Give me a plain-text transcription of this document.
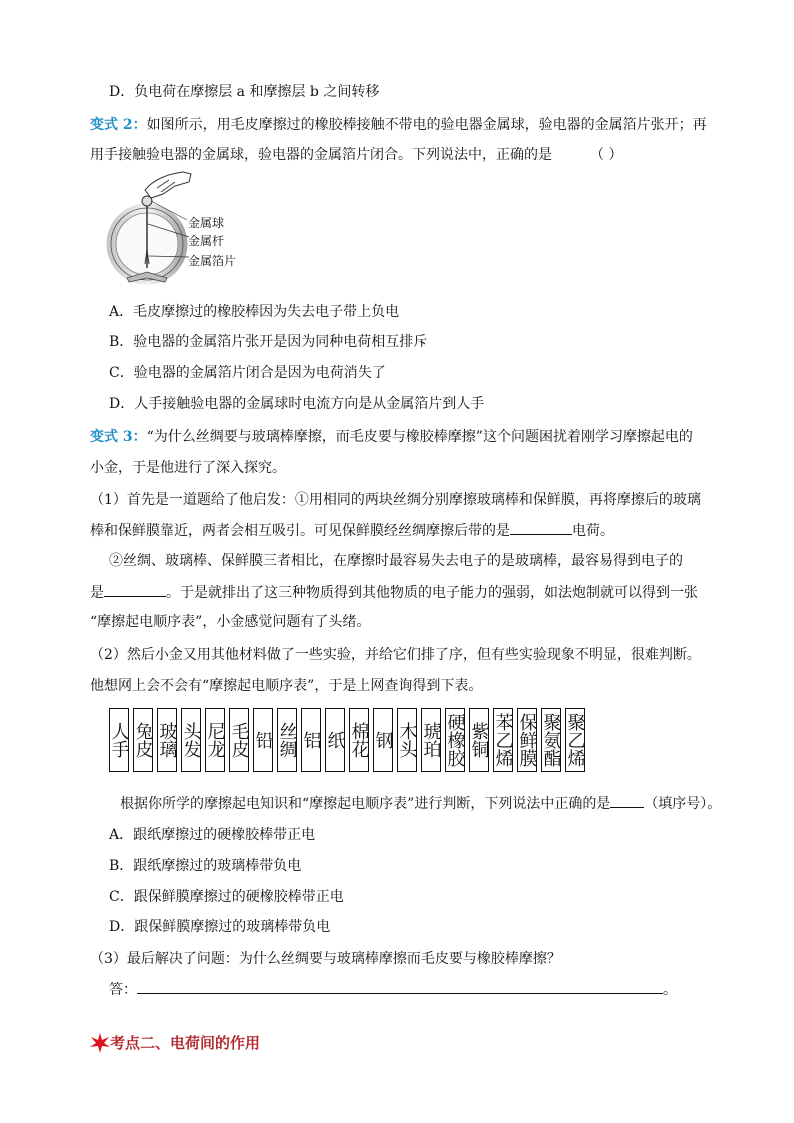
D．负电荷在摩擦层 a 和摩擦层 b 之间转移
变式 2：如图所示，用毛皮摩擦过的橡胶棒接触不带电的验电器金属球，验电器的金属箔片张开；再
用手接触验电器的金属球，验电器的金属箔片闭合。下列说法中，正确的是	（ ）
金属球
金属杆
金属箔片
A．毛皮摩擦过的橡胶棒因为失去电子带上负电
B．验电器的金属箔片张开是因为同种电荷相互排斥
C．验电器的金属箔片闭合是因为电荷消失了
D．人手接触验电器的金属球时电流方向是从金属箔片到人手
变式 3：“为什么丝绸要与玻璃棒摩擦，而毛皮要与橡胶棒摩擦”这个问题困扰着刚学习摩擦起电的
小金，于是他进行了深入探究。
（1）首先是一道题给了他启发：①用相同的两块丝绸分别摩擦玻璃棒和保鲜膜，再将摩擦后的玻璃
棒和保鲜膜靠近，两者会相互吸引。可见保鲜膜经丝绸摩擦后带的是	电荷。
②丝绸、玻璃棒、保鲜膜三者相比，在摩擦时最容易失去电子的是玻璃棒，最容易得到电子的
是	。于是就排出了这三种物质得到其他物质的电子能力的强弱，如法炮制就可以得到一张
“摩擦起电顺序表”，小金感觉问题有了头绪。
（2）然后小金又用其他材料做了一些实验，并给它们排了序，但有些实验现象不明显，很难判断。
他想网上会不会有“摩擦起电顺序表”，于是上网查询得到下表。
人手 兔皮 玻璃 头发 尼龙 毛皮 铅 丝绸 铝 纸 棉花 钢 木头 琥珀 硬橡胶 紫铜 苯乙烯 保鲜膜 聚氨酯 聚乙烯
根据你所学的摩擦起电知识和“摩擦起电顺序表”进行判断，下列说法中正确的是 （填序号）。
A．跟纸摩擦过的硬橡胶棒带正电
B．跟纸摩擦过的玻璃棒带负电
C．跟保鲜膜摩擦过的硬橡胶棒带正电
D．跟保鲜膜摩擦过的玻璃棒带负电
（3）最后解决了问题：为什么丝绸要与玻璃棒摩擦而毛皮要与橡胶棒摩擦？
答：	。
考点二、电荷间的作用
